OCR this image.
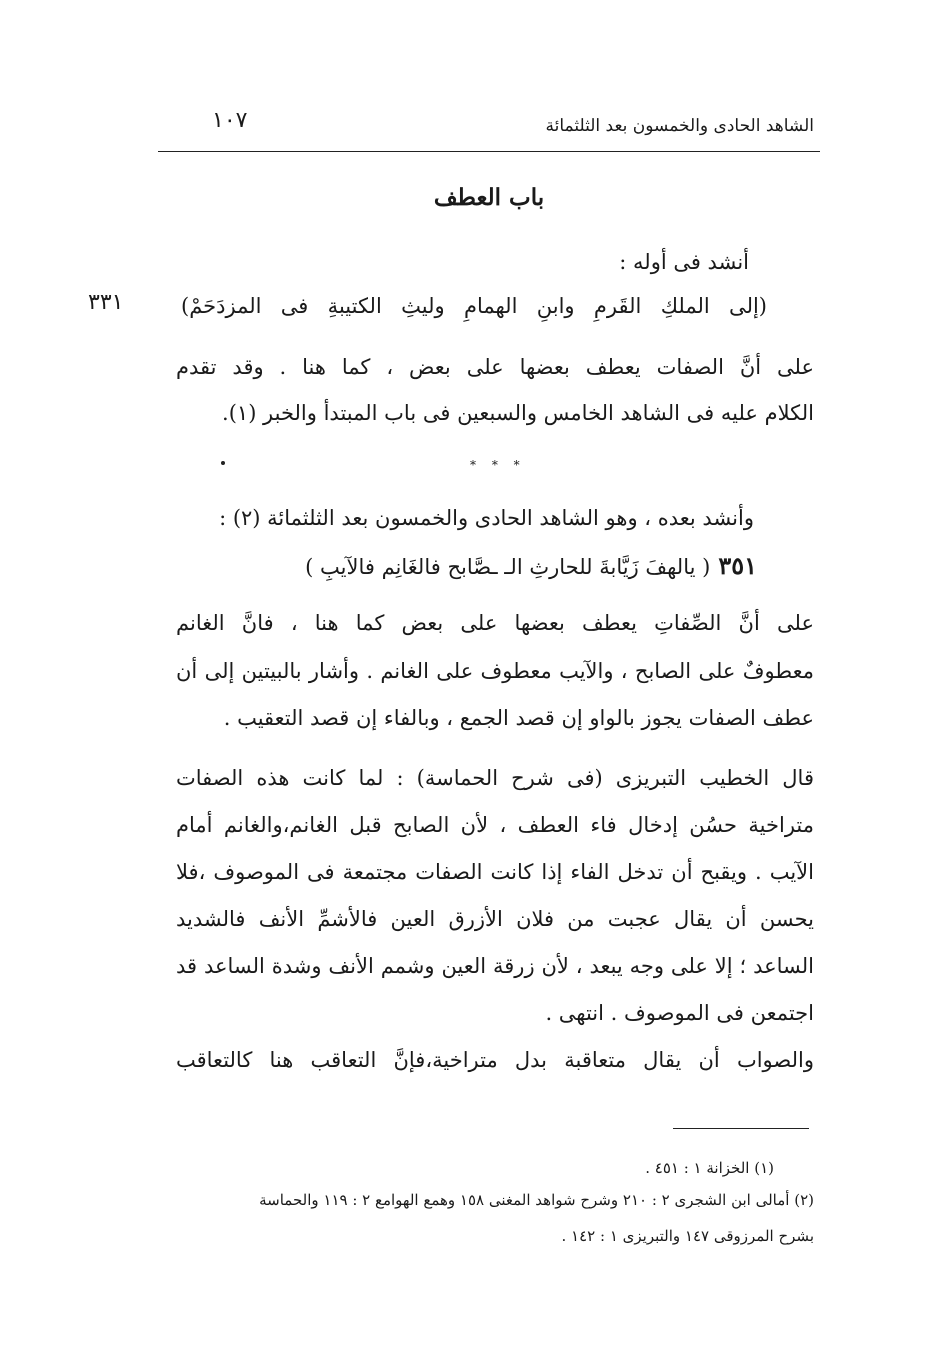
الشاهد الحادى والخمسون بعد الثلثمائة
١٠٧
باب العطف
أنشد فى أوله :
٣٣١	(إلى الملكِ القَرمِ وابنِ الهمامِ وليثِ الكتيبةِ فى المزدَحَمْ)
على أنَّ الصفات يعطف بعضها على بعض ، كما هنا . وقد تقدم
الكلام عليه فى الشاهد الخامس والسبعين فى باب المبتدأ والخبر (١).
* * *
وأنشد بعده ، وهو الشاهد الحادى والخمسون بعد الثلثمائة (٢) :
٣٥١( يالهفَ زَيَّابةَ للحارثِ الـ ـصَّابح فالغَانِم فالآيبِ )
على أنَّ الصِّفاتِ يعطف بعضها على بعض كما هنا ، فانَّ الغانم
معطوفٌ على الصابح ، والآيب معطوف على الغانم . وأشار بالبيتين إلى أن
عطف الصفات يجوز بالواو إن قصد الجمع ، وبالفاء إن قصد التعقيب .
قال الخطيب التبريزى (فى شرح الحماسة) : لما كانت هذه الصفات
متراخية حسُن إدخال فاء العطف ، لأن الصابح قبل الغانم،والغانم أمام
الآيب . ويقبح أن تدخل الفاء إذا كانت الصفات مجتمعة فى الموصوف ،فلا
يحسن أن يقال عجبت من فلان الأزرق العين فالأشمِّ الأنف فالشديد
الساعد ؛ إلا على وجه يبعد ، لأن زرقة العين وشمم الأنف وشدة الساعد قد
اجتمعن فى الموصوف . انتهى .
والصواب أن يقال متعاقبة بدل متراخية،فإنَّ التعاقب هنا كالتعاقب
(١) الخزانة ١ : ٤٥١ .
(٢) أمالى ابن الشجرى ٢ : ٢١٠ وشرح شواهد المغنى ١٥٨ وهمع الهوامع ٢ : ١١٩ والحماسة
بشرح المرزوقى ١٤٧ والتبريزى ١ : ١٤٢ .
